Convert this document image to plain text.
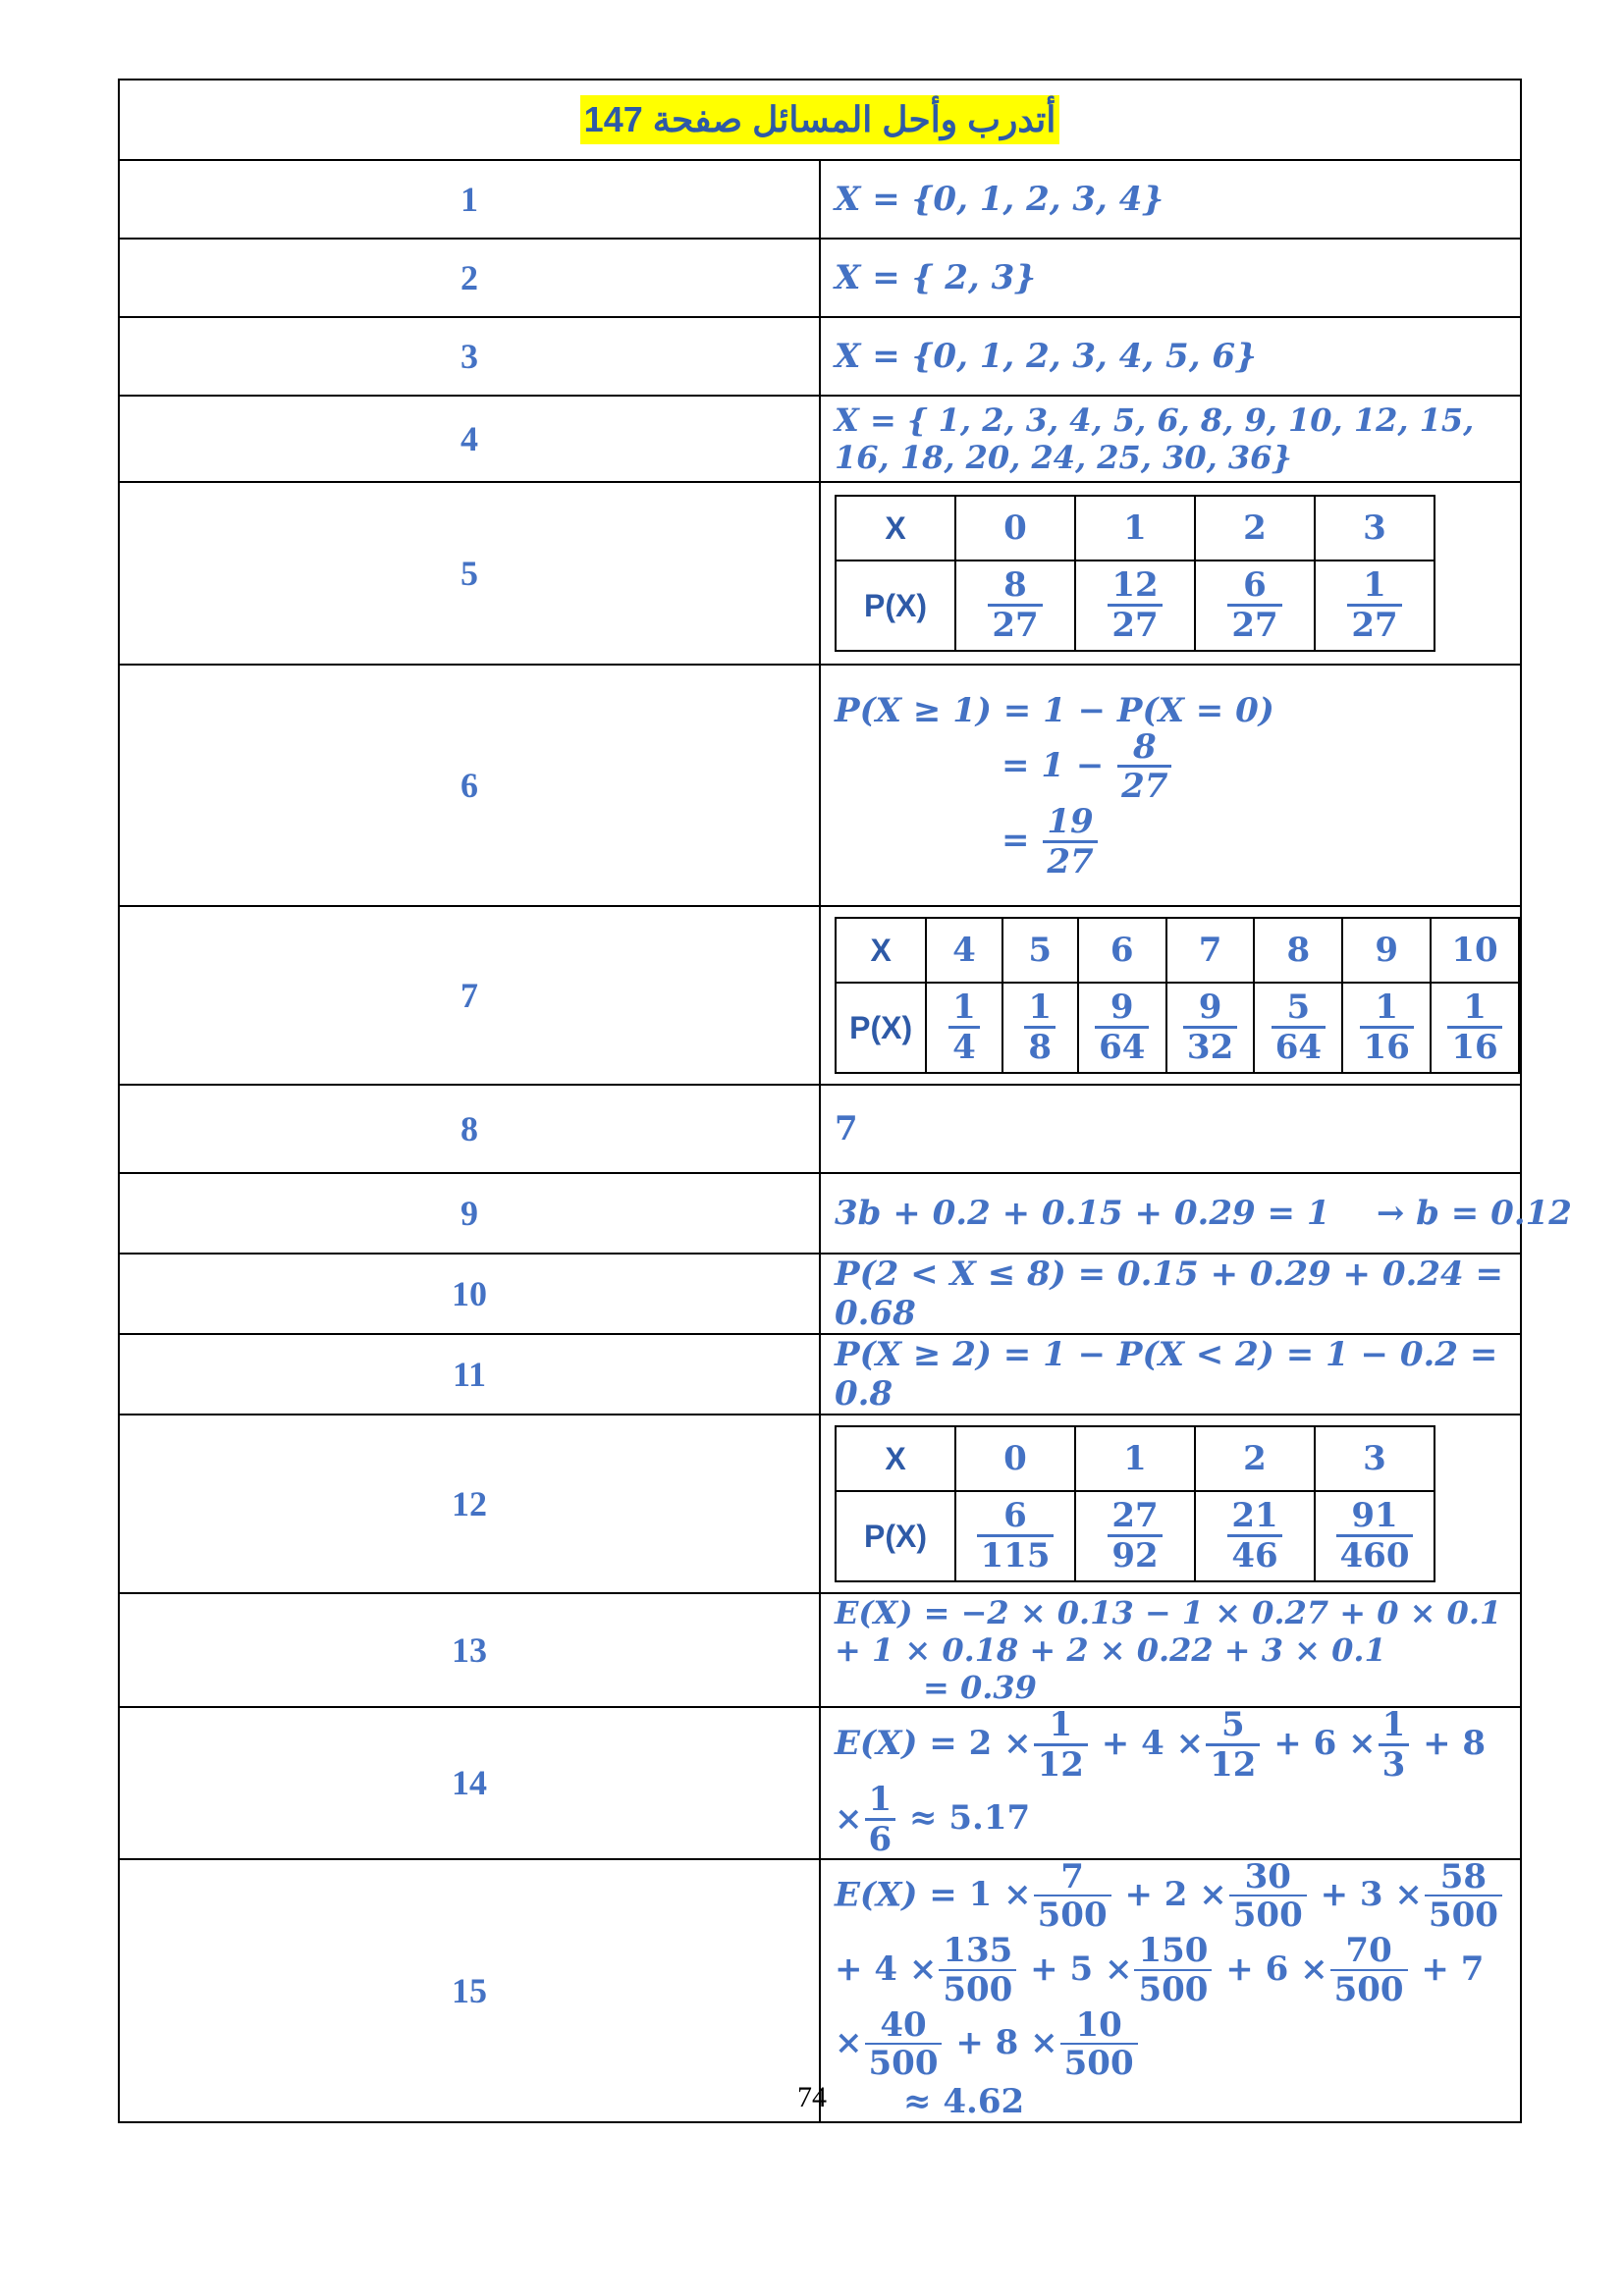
أتدرب وأحل المسائل صفحة 147
1	X = {0, 1, 2, 3, 4}
2	X = { 2, 3}
3	X = {0, 1, 2, 3, 4, 5, 6}
4	X = { 1, 2, 3, 4, 5, 6, 8, 9, 10, 12, 15, 16, 18, 20, 24, 25, 30, 36}
5	
X	0	1	2	3
P(X)	$\frac{8}{27}$	$\frac{12}{27}$	$\frac{6}{27}$	$\frac{1}{27}$

6	
P(X ≥ 1) = 1 − P(X = 0)
= $1 - \frac{8}{27}$
= $\frac{19}{27}$

7	
X	4	5	6	7	8	9	10
P(X)	$\frac{1}{4}$	$\frac{1}{8}$	$\frac{9}{64}$	$\frac{9}{32}$	$\frac{5}{64}$	$\frac{1}{16}$	$\frac{1}{16}$

8	7
9	3b + 0.2 + 0.15 + 0.29 = 1    → b = 0.12
10	P(2 < X ≤ 8) = 0.15 + 0.29 + 0.24 = 0.68
11	P(X ≥ 2) = 1 − P(X < 2) = 1 − 0.2 = 0.8
12	
X	0	1	2	3
P(X)	$\frac{6}{115}$	$\frac{27}{92}$	$\frac{21}{46}$	$\frac{91}{460}$

13	
E(X) = −2 × 0.13 − 1 × 0.27 + 0 × 0.1 + 1 × 0.18 + 2 × 0.22 + 3 × 0.1
= 0.39

14	$E(X) = 2 \times \frac{1}{12} + 4 \times \frac{5}{12} + 6 \times \frac{1}{3} + 8 \times \frac{1}{6} \approx 5.17$
15	
$E(X) = 1 \times \frac{7}{500} + 2 \times \frac{30}{500} + 3 \times \frac{58}{500}$
+ $4 \times \frac{135}{500} + 5 \times \frac{150}{500} + 6 \times \frac{70}{500} + 7 \times \frac{40}{500} + 8 \times \frac{10}{500}$
≈ 4.62
74
